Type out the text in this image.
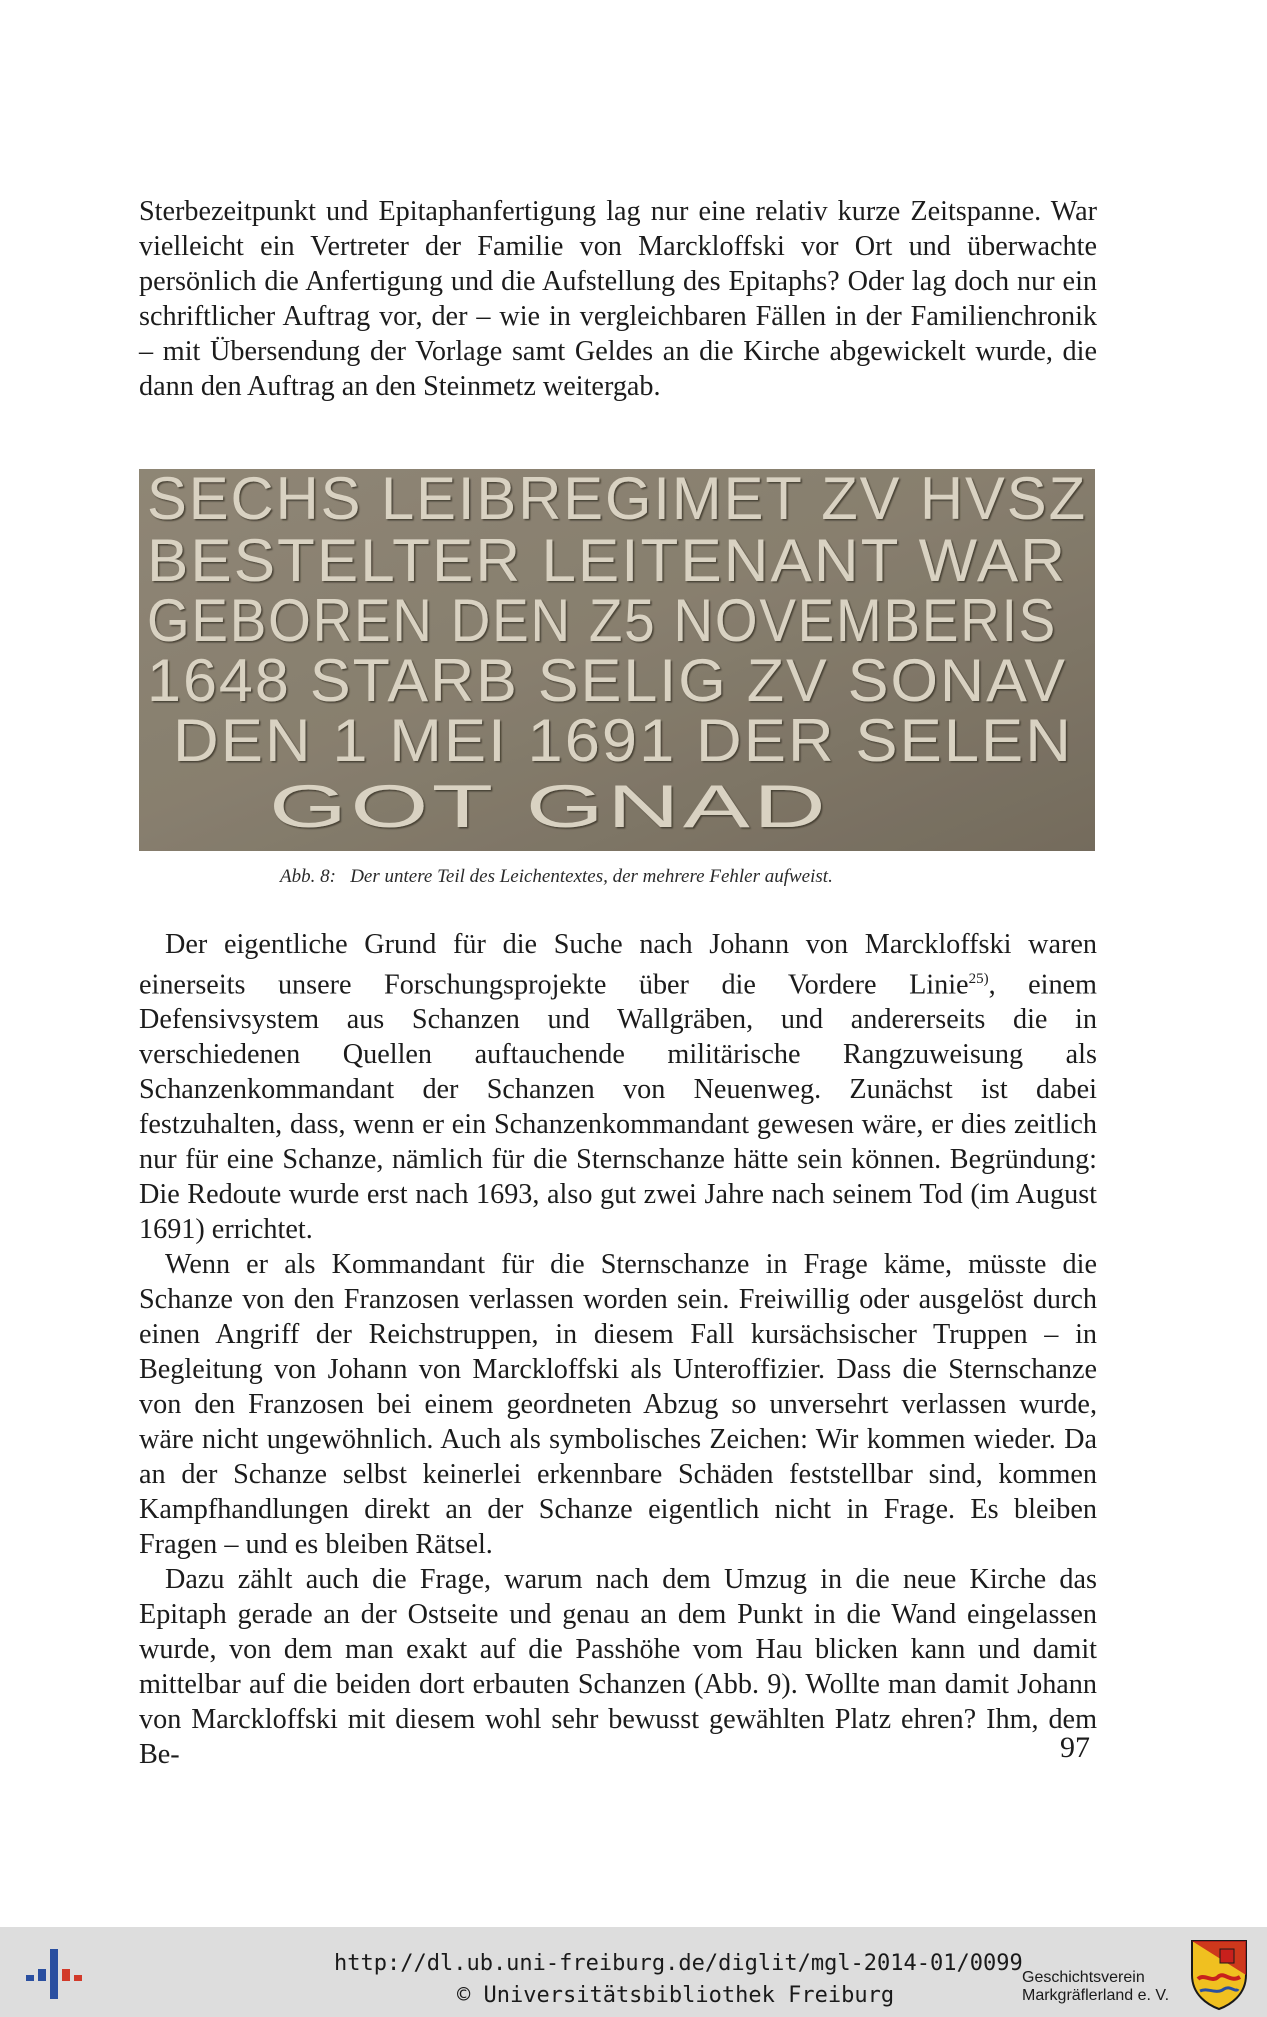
Sterbezeitpunkt und Epitaphanfertigung lag nur eine relativ kurze Zeitspanne. War vielleicht ein Vertreter der Familie von Marckloffski vor Ort und überwachte persönlich die Anfertigung und die Aufstellung des Epitaphs? Oder lag doch nur ein schriftlicher Auftrag vor, der – wie in vergleichbaren Fällen in der Familienchronik – mit Übersendung der Vorlage samt Geldes an die Kirche abgewickelt wurde, die dann den Auftrag an den Steinmetz weitergab.

SECHS LEIBREGIMET ZV HVSZ
BESTELTER LEITENANT WAR
GEBOREN DEN Z5 NOVEMBERIS
1648 STARB SELIG ZV SONAV
DEN 1 MEI 1691 DER SELEN
GOT GNAD
Abb. 8: Der untere Teil des Leichentextes, der mehrere Fehler aufweist.

Der eigentliche Grund für die Suche nach Johann von Marckloffski waren einerseits unsere Forschungsprojekte über die Vordere Linie$^{25)}$, einem Defensivsystem aus Schanzen und Wallgräben, und andererseits die in verschiedenen Quellen auftauchende militärische Rangzuweisung als Schanzenkommandant der Schanzen von Neuenweg. Zunächst ist dabei festzuhalten, dass, wenn er ein Schanzenkommandant gewesen wäre, er dies zeitlich nur für eine Schanze, nämlich für die Sternschanze hätte sein können. Begründung: Die Redoute wurde erst nach 1693, also gut zwei Jahre nach seinem Tod (im August 1691) errichtet.

Wenn er als Kommandant für die Sternschanze in Frage käme, müsste die Schanze von den Franzosen verlassen worden sein. Freiwillig oder ausgelöst durch einen Angriff der Reichstruppen, in diesem Fall kursächsischer Truppen – in Begleitung von Johann von Marckloffski als Unteroffizier. Dass die Sternschanze von den Franzosen bei einem geordneten Abzug so unversehrt verlassen wurde, wäre nicht ungewöhnlich. Auch als symbolisches Zeichen: Wir kommen wieder. Da an der Schanze selbst keinerlei erkennbare Schäden feststellbar sind, kommen Kampfhandlungen direkt an der Schanze eigentlich nicht in Frage. Es bleiben Fragen – und es bleiben Rätsel.

Dazu zählt auch die Frage, warum nach dem Umzug in die neue Kirche das Epitaph gerade an der Ostseite und genau an dem Punkt in die Wand eingelassen wurde, von dem man exakt auf die Passhöhe vom Hau blicken kann und damit mittelbar auf die beiden dort erbauten Schanzen (Abb. 9). Wollte man damit Johann von Marckloffski mit diesem wohl sehr bewusst gewählten Platz ehren? Ihm, dem Be-	97
http://dl.ub.uni-freiburg.de/diglit/mgl-2014-01/0099
© Universitätsbibliothek Freiburg
Geschichtsverein
Markgräflerland e. V.
